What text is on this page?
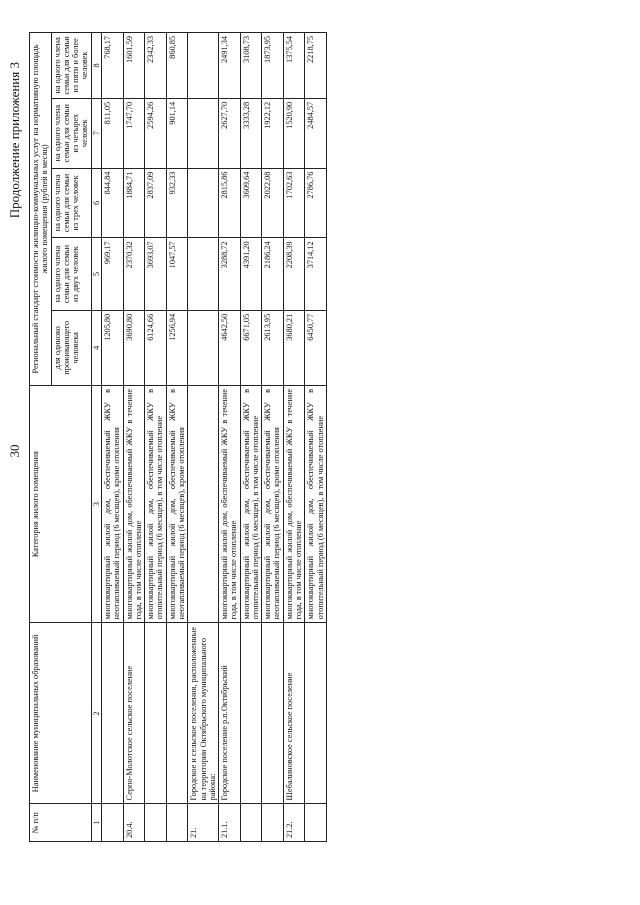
30
Продолжение приложения 3
№ п/п	Наименование муниципальных образований	Категория жилого помещения	Региональный стандарт стоимости жилищно-коммунальных услуг на нормативную площадь жилого помещения (рублей в месяц)				
			для одиноко проживающего человека	на одного члена семьи для семьи из двух человек	на одного члена семьи для семьи из трех человек	на одного члена семьи для семьи из четырех человек	на одного члена семьи для семьи из пяти и более человек
1	2	3	4	5	6	7	8
		многоквартирный жилой дом, обеспечиваемый ЖКУ в неотапливаемый период (6 месяцев), кроме отопления	1205,80	969,17	844,84	811,05	768,17
20.4.	Серпо-Молотское сельское поселение	многоквартирный жилой дом, обеспечиваемый ЖКУ в течение года, в том числе отопление	3690,80	2370,32	1884,71	1747,70	1601,59
		многоквартирный жилой дом, обеспечиваемый ЖКУ в отопительный период (6 месяцев), в том числе отопление	6124,66	3693,07	2837,09	2594,26	2342,33
		многоквартирный жилой дом, обеспечиваемый ЖКУ в неотапливаемый период (6 месяцев), кроме отопления	1256,94	1047,57	932,33	901,14	860,85
21.	Городское и сельское поселения, расположенные на территории Октябрьского муниципального района:						
21.1.	Городское поселение р.п.Октябрьский	многоквартирный жилой дом, обеспечиваемый ЖКУ в течение года, в том числе отопление	4642,50	3288,72	2815,86	2627,70	2491,34
		многоквартирный жилой дом, обеспечиваемый ЖКУ в отопительный период (6 месяцев), в том числе отопление	6671,05	4391,20	3609,64	3333,28	3108,73
		многоквартирный жилой дом, обеспечиваемый ЖКУ в неотапливаемый период (6 месяцев), кроме отопления	2613,95	2186,24	2022,08	1922,12	1873,95
21.2.	Шебалиновское сельское поселение	многоквартирный жилой дом, обеспечиваемый ЖКУ в течение года, в том числе отопление	3680,21	2208,39	1702,63	1520,90	1375,54
		многоквартирный жилой дом, обеспечиваемый ЖКУ в отопительный период (6 месяцев), в том числе отопление	6450,77	3714,12	2786,76	2484,57	2218,75
